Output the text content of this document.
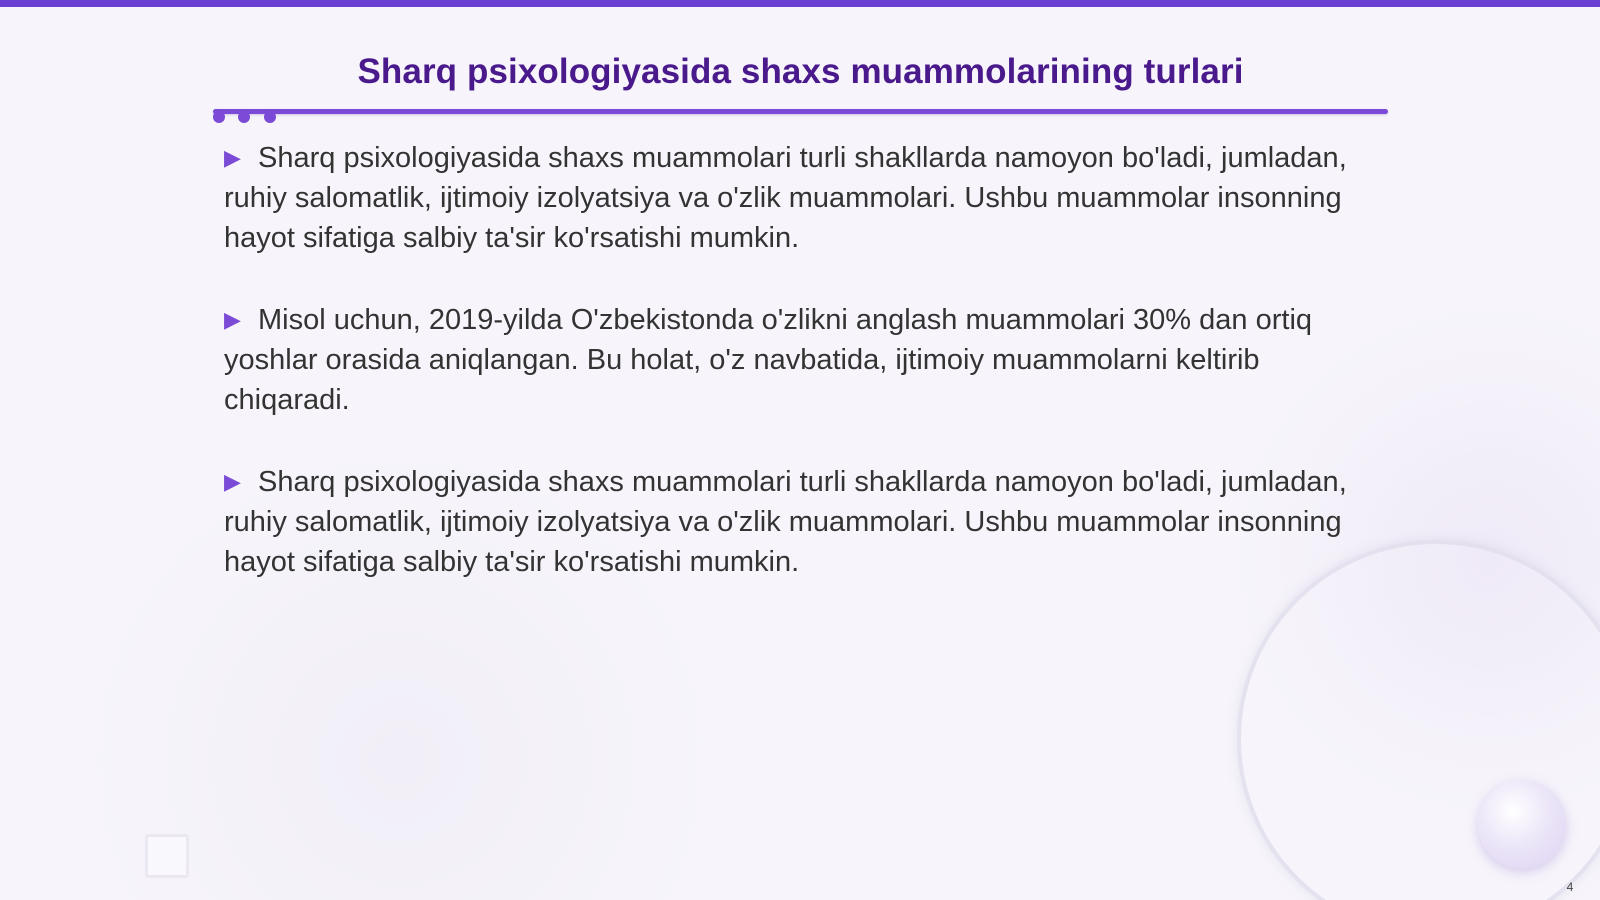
Sharq psixologiyasida shaxs muammolarining turlari

▶ Sharq psixologiyasida shaxs muammolari turli shakllarda namoyon bo'ladi, jumladan, ruhiy salomatlik, ijtimoiy izolyatsiya va o'zlik muammolari. Ushbu muammolar insonning hayot sifatiga salbiy ta'sir ko'rsatishi mumkin.

▶ Misol uchun, 2019-yilda O'zbekistonda o'zlikni anglash muammolari 30% dan ortiq yoshlar orasida aniqlangan. Bu holat, o'z navbatida, ijtimoiy muammolarni keltirib chiqaradi.

▶ Sharq psixologiyasida shaxs muammolari turli shakllarda namoyon bo'ladi, jumladan, ruhiy salomatlik, ijtimoiy izolyatsiya va o'zlik muammolari. Ushbu muammolar insonning hayot sifatiga salbiy ta'sir ko'rsatishi mumkin.

4
